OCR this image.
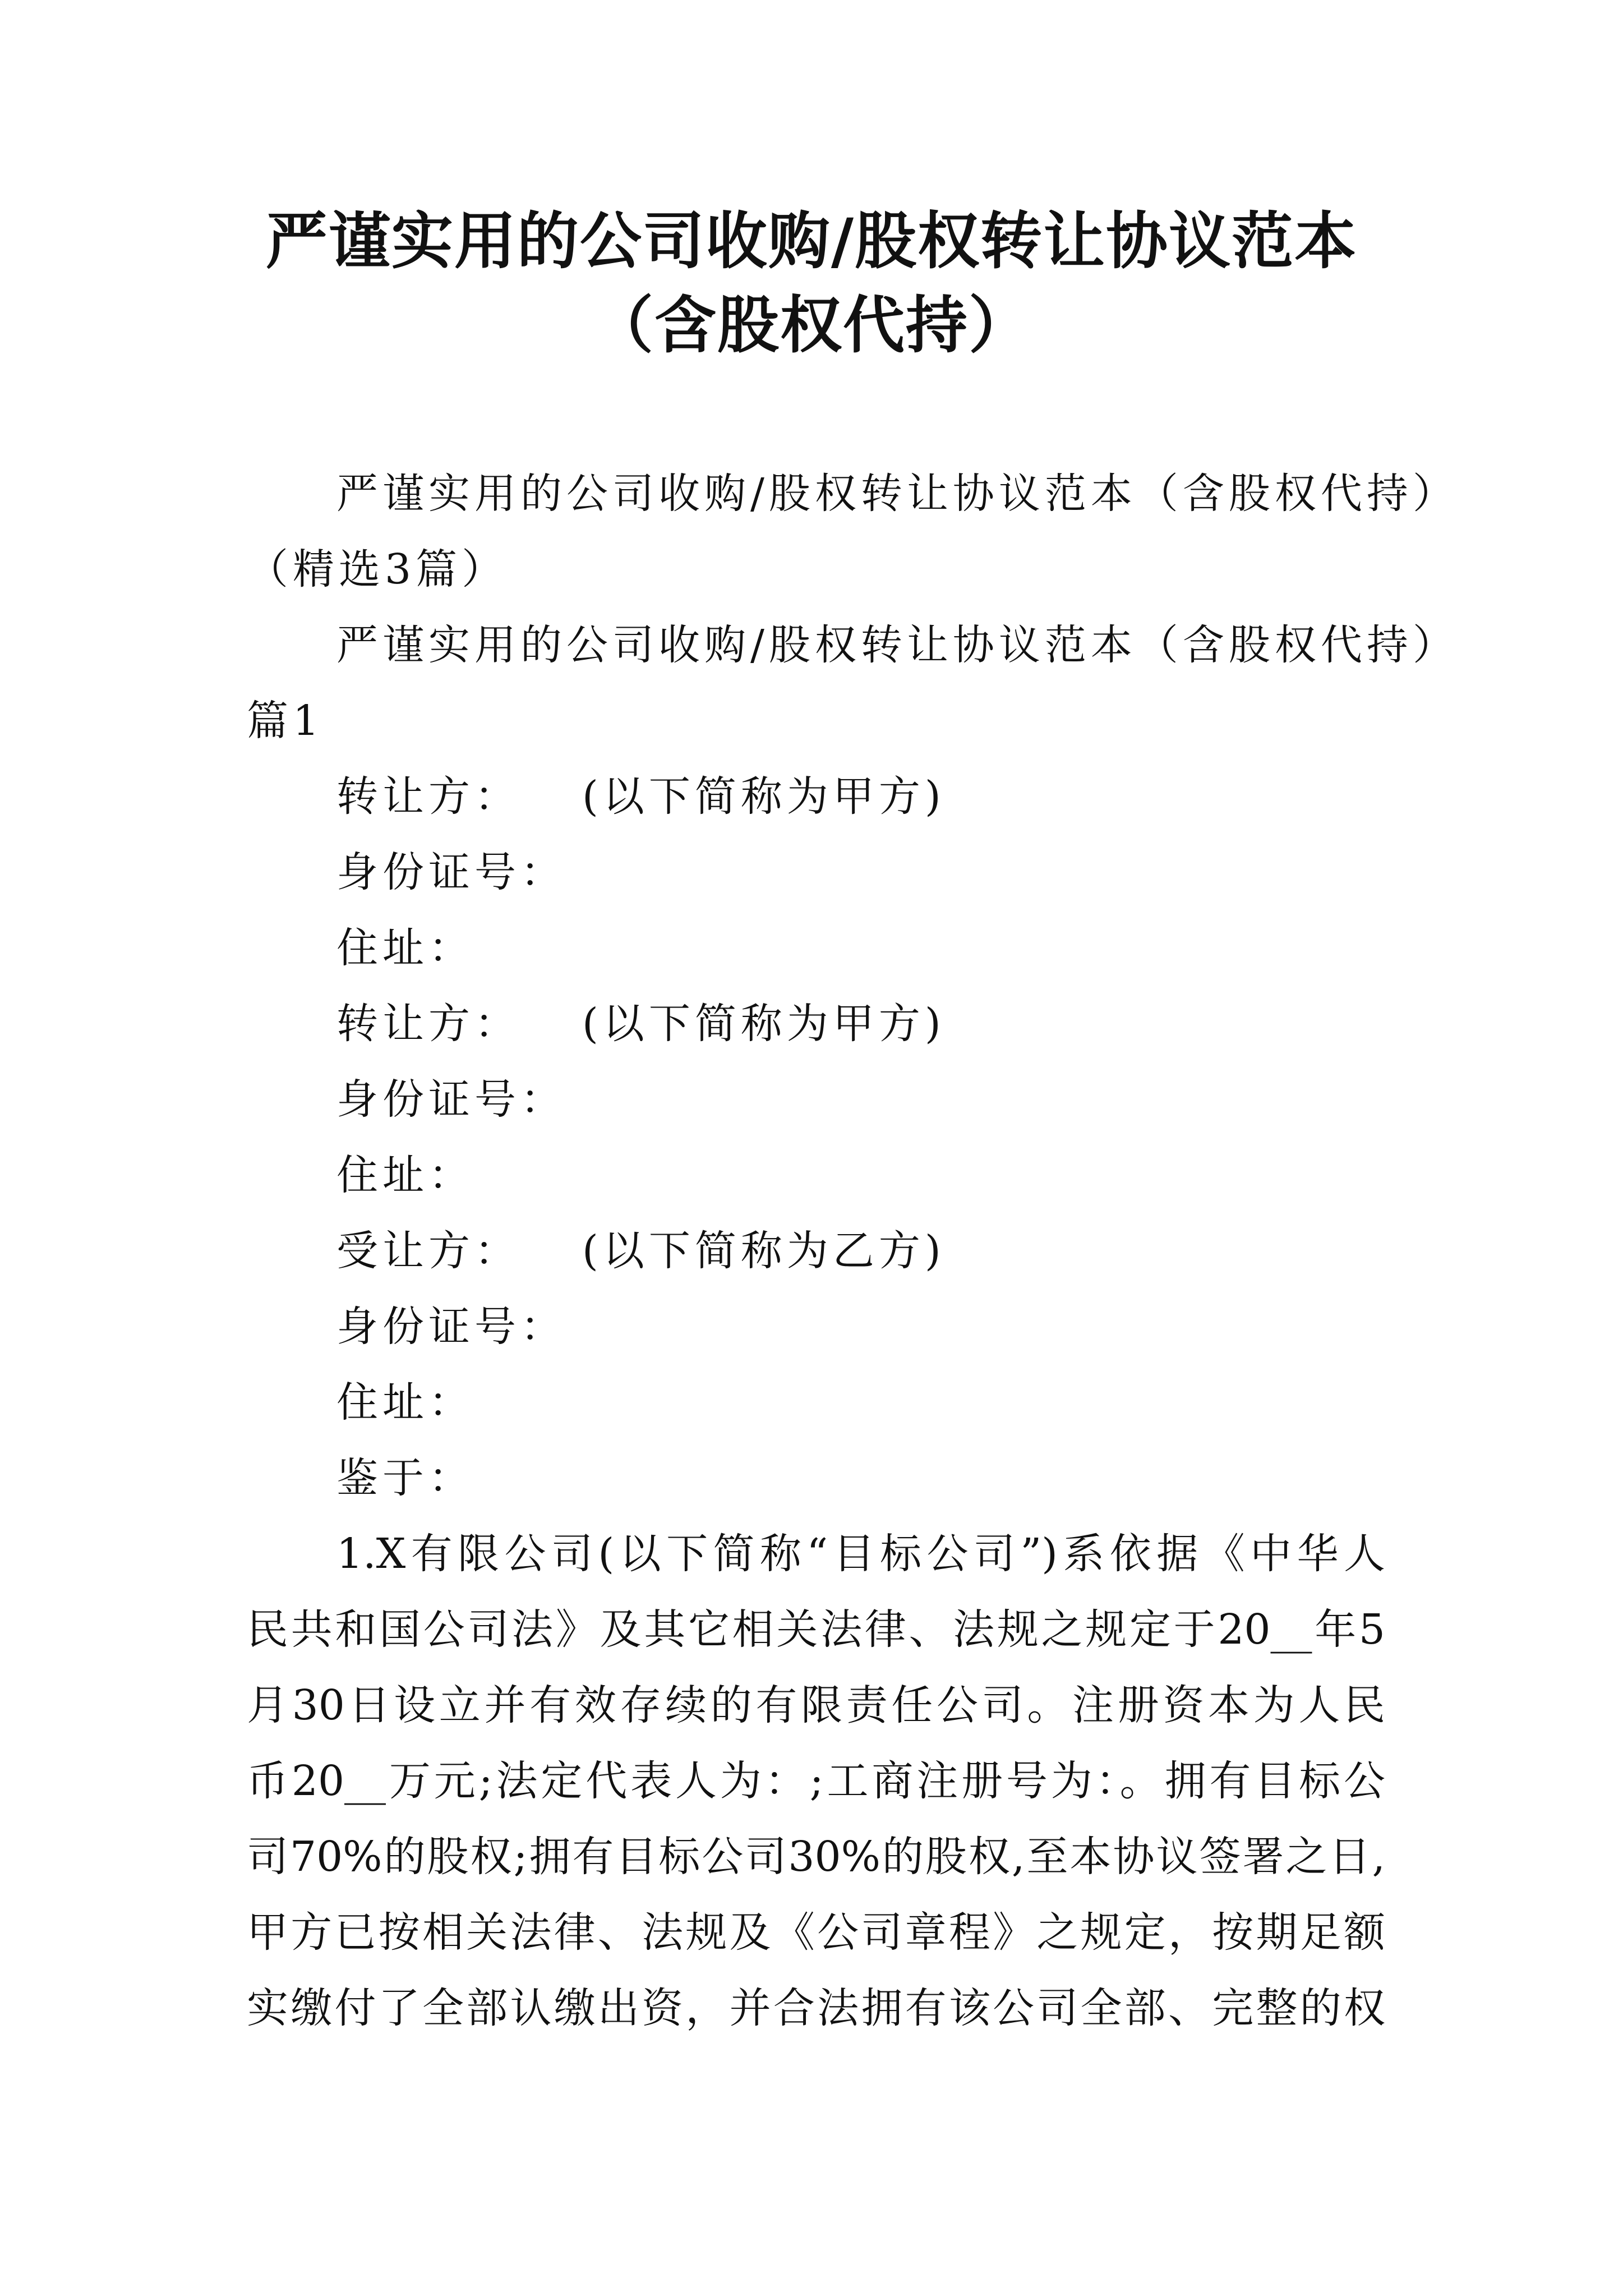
严谨实用的公司收购/股权转让协议范本
（含股权代持）

严谨实用的公司收购/股权转让协议范本（含股权代持）

（精选3篇）

严谨实用的公司收购/股权转让协议范本（含股权代持）

篇1

转让方： (以下简称为甲方)

身份证号：

住址：

转让方： (以下简称为甲方)

身份证号：

住址：

受让方： (以下简称为乙方)

身份证号：

住址：

鉴于：

1.X有限公司(以下简称“目标公司”)系依据《中华人

民共和国公司法》及其它相关法律、法规之规定于20__年5

月30日设立并有效存续的有限责任公司。注册资本为人民

币20__万元;法定代表人为：;工商注册号为：。拥有目标公

司70%的股权;拥有目标公司30%的股权,至本协议签署之日,

甲方已按相关法律、法规及《公司章程》之规定，按期足额

实缴付了全部认缴出资，并合法拥有该公司全部、完整的权
